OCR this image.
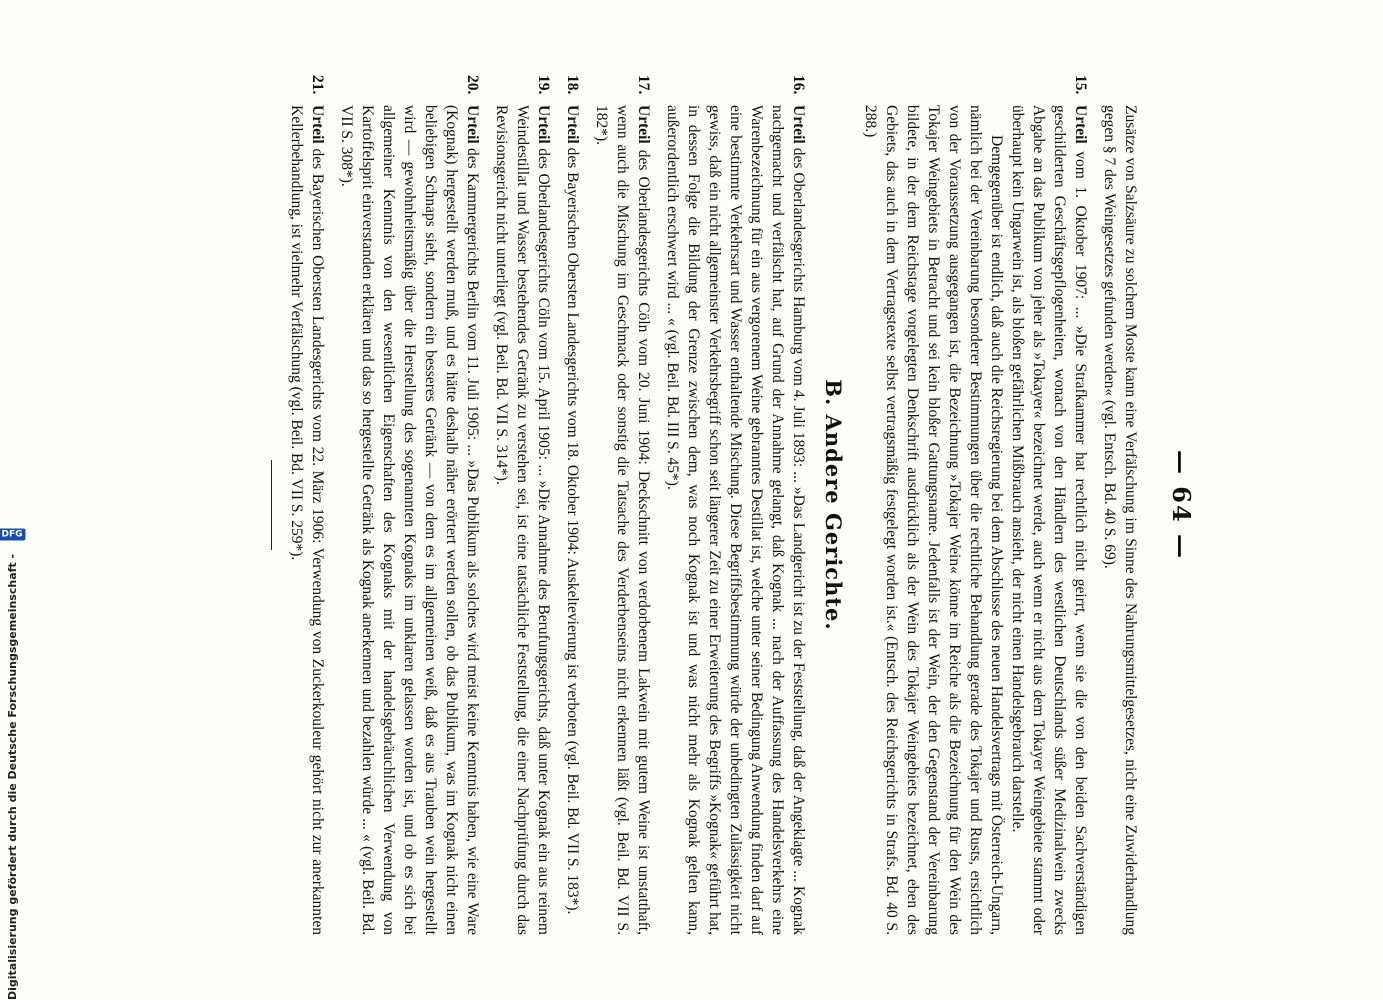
— 64 —

Zusätze von Salzsäure zu solchem Moste kann eine Verfälschung im Sinne des Nahrungsmittelgesetzes, nicht eine Zuwiderhandlung gegen § 7 des Weingesetzes gefunden werden« (vgl. Entsch. Bd. 40 S. 69).

15.
Urteil vom 1. Oktober 1907: ... »Die Strafkammer hat rechtlich nicht geirrt, wenn sie die von den beiden Sachverständigen geschilderten Geschäftsgepflogenheiten, wonach von den Händlern des westlichen Deutschlands süßer Medizinalwein zwecks Abgabe an das Publikum von jeher als »Tokayer« bezeichnet werde, auch wenn er nicht aus dem Tokayer Weingebiete stammt oder überhaupt kein Ungarwein ist, als bloßen gefährlichen Mißbrauch ansieht, der nicht einen Handelsgebrauch darstelle.

Demgegenüber ist endlich, daß auch die Reichsregierung bei dem Abschlusse des neuen Handelsvertrags mit Österreich-Ungarn, nämlich bei der Vereinbarung besonderer Bestimmungen über die rechtliche Behandlung gerade des Tokajer und Rusts, ersichtlich von der Voraussetzung ausgegangen ist, die Bezeichnung »Tokajer Wein« könne im Reiche als die Bezeichnung für den Wein des Tokajer Weingebiets in Betracht und sei kein bloßer Gattungsname. Jedenfalls ist der Wein, der den Gegenstand der Vereinbarung bildete, in der dem Reichstage vorgelegten Denkschrift ausdrücklich als der Wein des Tokajer Weingebiets bezeichnet, eben des Gebiets, das auch in dem Vertragstexte selbst vertragsmäßig festgelegt worden ist.« (Entsch. des Reichsgerichts in Strafs. Bd. 40 S. 288.)

B. Andere Gerichte.
16.
Urteil des Oberlandesgerichts Hamburg vom 4. Juli 1893: ... »Das Landgericht ist zu der Feststellung, daß der Angeklagte ... Kognak nachgemacht und verfälscht hat, auf Grund der Annahme gelangt, daß Kognak ... nach der Auffassung des Handelsverkehrs eine Warenbezeichnung für ein aus vergorenem Weine gebranntes Destillat ist, welche unter seiner Bedingung Anwendung finden darf auf eine bestimmte Verkehrsart und Wasser enthaltende Mischung. Diese Begriffsbestimmung würde der unbedingten Zulässigkeit nicht gewiss, daß ein nicht allgemeinster Verkehrsbegriff schon seit längerer Zeit zu einer Erweiterung des Begriffs »Kognak« geführt hat, in dessen Folge die Bildung der Grenze zwischen dem, was noch Kognak ist und was nicht mehr als Kognak gelten kann, außerordentlich erschwert wird ... « (vgl. Beil. Bd. III S. 45*).
17.
Urteil des Oberlandesgerichts Cöln vom 20. Juni 1904: Deckschnitt von verdorbenem Lakwein mit gutem Weine ist unstatthaft, wenn auch die Mischung im Geschmack oder sonstig die Tatsache des Verderbenseins nicht erkennen läßt (vgl. Beil. Bd. VII S. 182*).
18.
Urteil des Bayerischen Obersten Landesgerichts vom 18. Oktober 1904: Auskeltevierung ist verboten (vgl. Beil. Bd. VII S. 183*).
19.
Urteil des Oberlandesgerichts Cöln vom 15. April 1905: ... »Die Annahme des Berufungsgerichts, daß unter Kognak ein aus reinem Weindestillat und Wasser bestehendes Getränk zu verstehen sei, ist eine tatsächliche Feststellung, die einer Nachprüfung durch das Revisionsgericht nicht unterliegt (vgl. Beil. Bd. VII S. 314*).
20.
Urteil des Kammergerichts Berlin vom 11. Juli 1905: ... »Das Publikum als solches wird meist keine Kenntnis haben, wie eine Ware (Kognak) hergestellt werden muß, und es hätte deshalb näher erörtert werden sollen, ob das Publikum, was im Kognak nicht einen beliebigen Schnaps sieht, sondern ein besseres Getränk — von dem es im allgemeinen weiß, daß es aus Trauben wein hergestellt wird — gewohnheitsmäßig über die Herstellung des sogenannten Kognaks im unklaren gelassen worden ist, und ob es sich bei allgemeiner Kenntnis von den wesentlichen Eigenschaften des Kognaks mit der handelsgebräuchlichen Verwendung von Kartoffelsprit einverstanden erklären und das so hergestellte Getränk als Kognak anerkennen und bezahlen würde ... « (vgl. Beil. Bd. VII S. 308*).
21.
Urteil des Bayerischen Obersten Landesgerichts vom 22. März 1906: Verwendung von Zuckerkouleur gehört nicht zur anerkannten Kellerbehandlung, ist vielmehr Verfälschung (vgl. Beil. Bd. VII S. 259*).
Digitalisierung gefördert durch die Deutsche Forschungsgemeinschaft -
DFG
